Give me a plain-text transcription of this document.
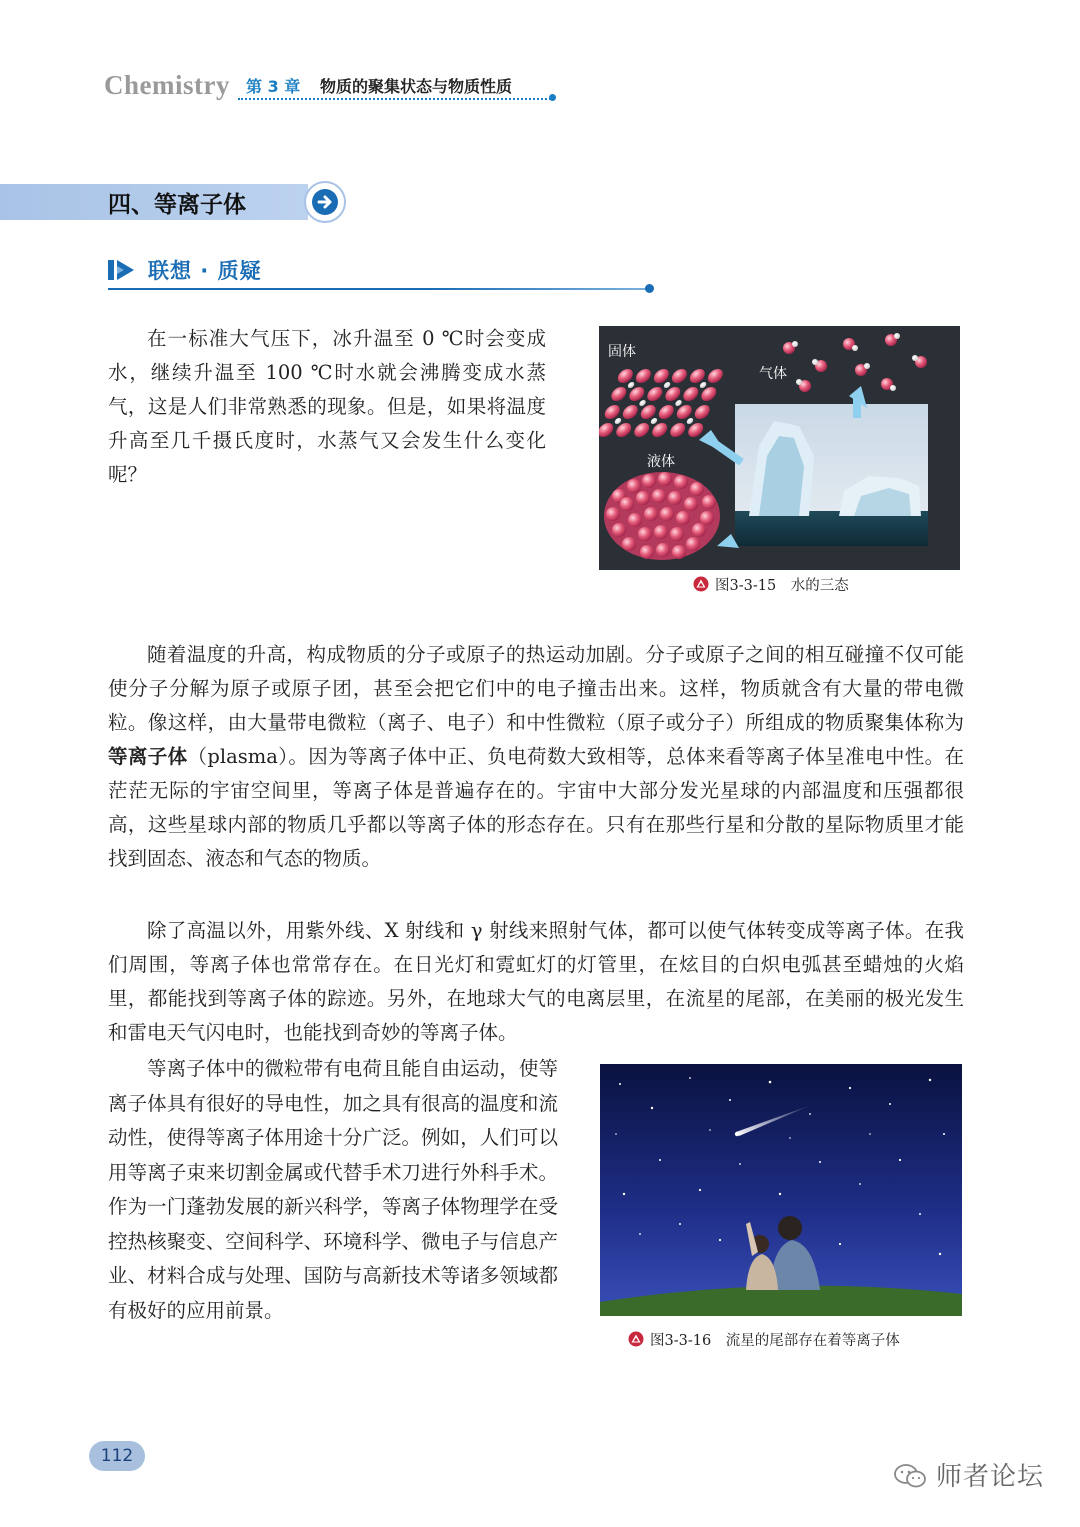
Chemistry 第 3 章 物质的聚集状态与物质性质
四、等离子体
联想 · 质疑

在一标准大气压下，冰升温至 0 ℃时会变成水，继续升温至 100 ℃时水就会沸腾变成水蒸气，这是人们非常熟悉的现象。但是，如果将温度升高至几千摄氏度时，水蒸气又会发生什么变化呢？

固体
气体
液体
图3-3-15　水的三态

随着温度的升高，构成物质的分子或原子的热运动加剧。分子或原子之间的相互碰撞不仅可能使分子分解为原子或原子团，甚至会把它们中的电子撞击出来。这样，物质就含有大量的带电微粒。像这样，由大量带电微粒（离子、电子）和中性微粒（原子或分子）所组成的物质聚集体称为等离子体（plasma）。因为等离子体中正、负电荷数大致相等，总体来看等离子体呈准电中性。在茫茫无际的宇宙空间里，等离子体是普遍存在的。宇宙中大部分发光星球的内部温度和压强都很高，这些星球内部的物质几乎都以等离子体的形态存在。只有在那些行星和分散的星际物质里才能找到固态、液态和气态的物质。

除了高温以外，用紫外线、X 射线和 γ 射线来照射气体，都可以使气体转变成等离子体。在我们周围，等离子体也常常存在。在日光灯和霓虹灯的灯管里，在炫目的白炽电弧甚至蜡烛的火焰里，都能找到等离子体的踪迹。另外，在地球大气的电离层里，在流星的尾部，在美丽的极光发生和雷电天气闪电时，也能找到奇妙的等离子体。

等离子体中的微粒带有电荷且能自由运动，使等离子体具有很好的导电性，加之具有很高的温度和流动性，使得等离子体用途十分广泛。例如，人们可以用等离子束来切割金属或代替手术刀进行外科手术。作为一门蓬勃发展的新兴科学，等离子体物理学在受控热核聚变、空间科学、环境科学、微电子与信息产业、材料合成与处理、国防与高新技术等诸多领域都有极好的应用前景。

图3-3-16　流星的尾部存在着等离子体
112
师者论坛
